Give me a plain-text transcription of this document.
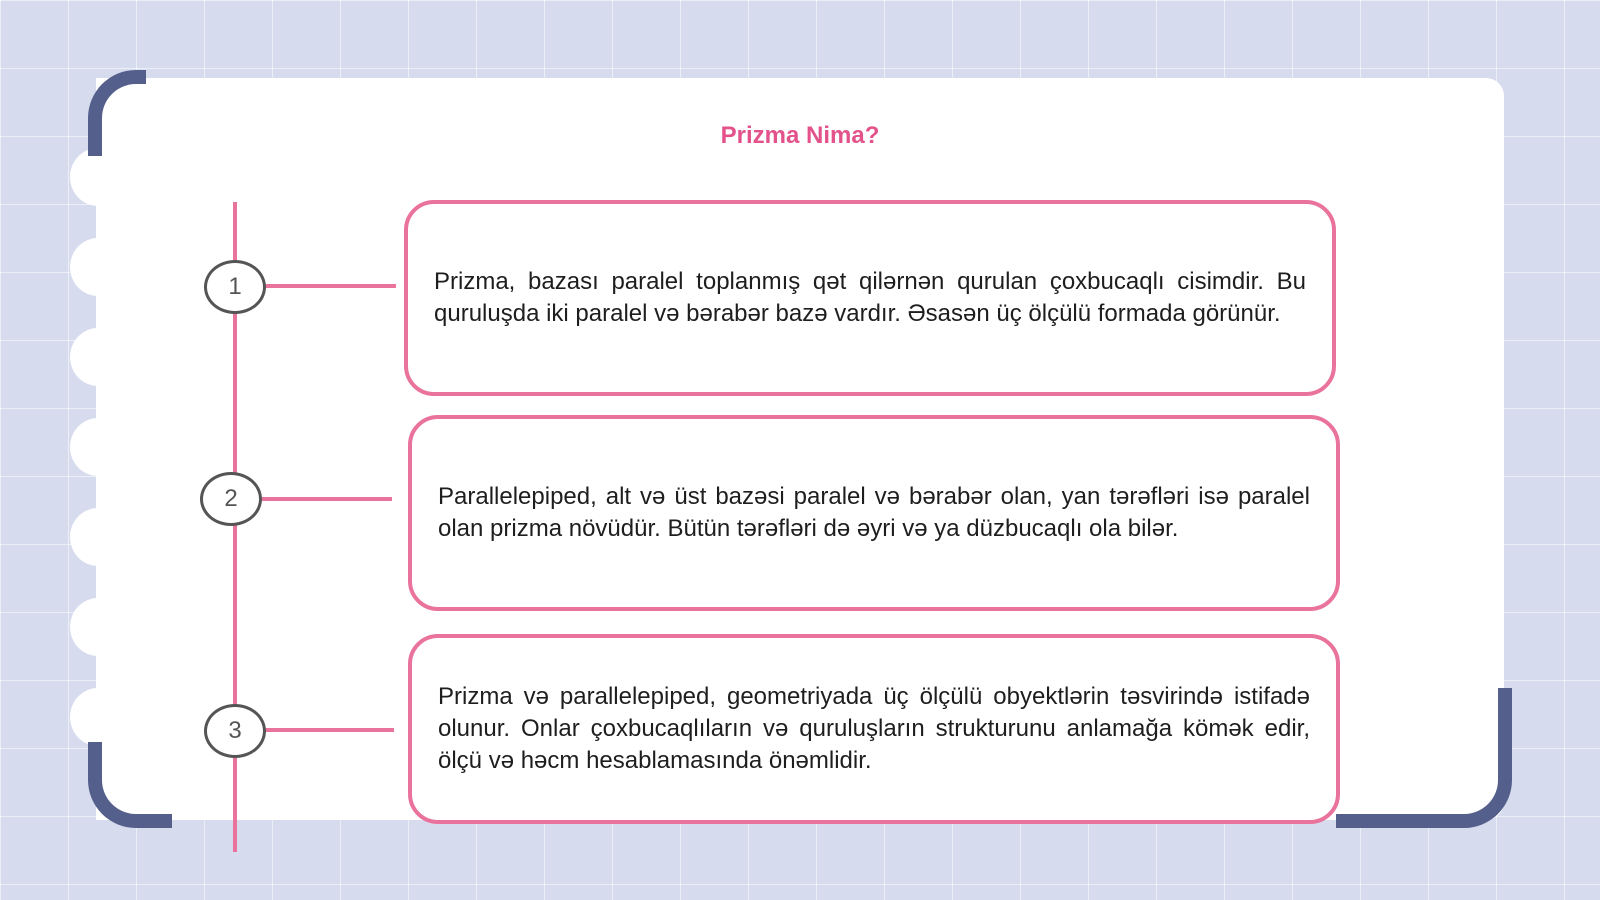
Prizma Nima?
1
2
3
Prizma, bazası paralel toplanmış qət qilərnən qurulan çoxbucaqlı cisimdir. Bu quruluşda iki paralel və bərabər bazə vardır. Əsasən üç ölçülü formada görünür.
Parallelepiped, alt və üst bazəsi paralel və bərabər olan, yan tərəfləri isə paralel olan prizma növüdür. Bütün tərəfləri də əyri və ya düzbucaqlı ola bilər.
Prizma və parallelepiped, geometriyada üç ölçülü obyektlərin təsvirində istifadə olunur. Onlar çoxbucaqlıların və quruluşların strukturunu anlamağa kömək edir, ölçü və həcm hesablamasında önəmlidir.
